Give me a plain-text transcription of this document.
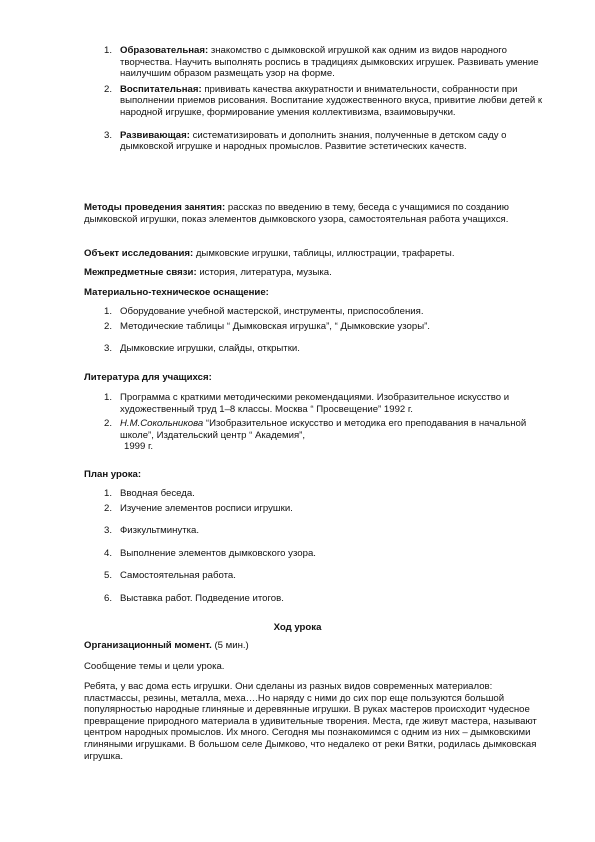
1. Образовательная: знакомство с дымковской игрушкой как одним из видов народного творчества. Научить выполнять роспись в традициях дымковских игрушек. Развивать умение наилучшим образом размещать узор на форме.
2. Воспитательная: прививать качества аккуратности и внимательности, собранности при выполнении приемов рисования. Воспитание художественного вкуса, привитие любви детей к народной игрушке, формирование умения коллективизма, взаимовыручки.
3. Развивающая: систематизировать и дополнить знания, полученные в детском саду о дымковской игрушке и народных промыслов. Развитие эстетических качеств.

Методы проведения занятия: рассказ по введению в тему, беседа с учащимися по созданию дымковской игрушки, показ элементов дымковского узора, самостоятельная работа учащихся.

Объект исследования: дымковские игрушки, таблицы, иллюстрации, трафареты.

Межпредметные связи: история, литература, музыка.

Материально-техническое оснащение:

1. Оборудование учебной мастерской, инструменты, приспособления.
2. Методические таблицы “ Дымковская игрушка”, “ Дымковские узоры”.
3. Дымковские игрушки, слайды, открытки.

Литература для учащихся:

1. Программа с краткими методическими рекомендациями. Изобразительное искусство и художественный труд 1–8 классы. Москва “ Просвещение” 1992 г.
2. Н.М.Сокольникова “Изобразительное искусство и методика его преподавания в начальной школе”, Издательский центр “ Академия”,
1999 г.

План урока:

1. Вводная беседа.
2. Изучение элементов росписи игрушки.
3. Физкультминутка.
4. Выполнение элементов дымковского узора.
5. Самостоятельная работа.
6. Выставка работ. Подведение итогов.

Ход урока

Организационный момент. (5 мин.)

Сообщение темы и цели урока.

Ребята, у вас дома есть игрушки. Они сделаны из разных видов современных материалов: пластмассы, резины, металла, меха….Но наряду с ними до сих пор еще пользуются большой популярностью народные глиняные и деревянные игрушки. В руках мастеров происходит чудесное превращение природного материала в удивительные творения. Места, где живут мастера, называют центром народных промыслов. Их много. Сегодня мы познакомимся с одним из них – дымковскими глиняными игрушками. В большом селе Дымково, что недалеко от реки Вятки, родилась дымковская игрушка.
